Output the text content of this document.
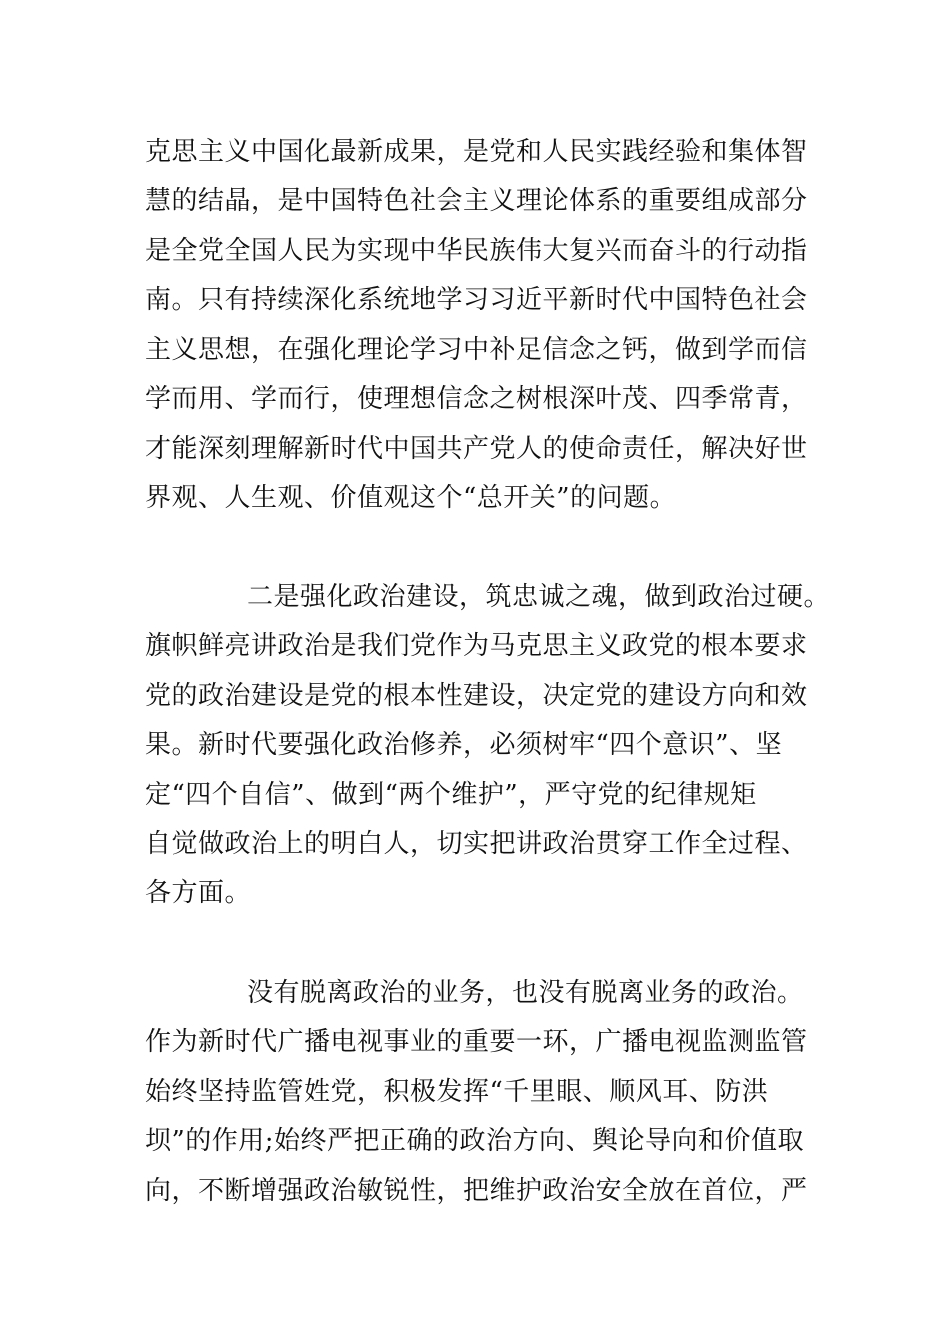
克思主义中国化最新成果，是党和人民实践经验和集体智
慧的结晶，是中国特色社会主义理论体系的重要组成部分
是全党全国人民为实现中华民族伟大复兴而奋斗的行动指
南。只有持续深化系统地学习习近平新时代中国特色社会
主义思想，在强化理论学习中补足信念之钙，做到学而信
学而用、学而行，使理想信念之树根深叶茂、四季常青，
才能深刻理解新时代中国共产党人的使命责任，解决好世
界观、人生观、价值观这个“总开关”的问题。
二是强化政治建设，筑忠诚之魂，做到政治过硬。
旗帜鲜亮讲政治是我们党作为马克思主义政党的根本要求
党的政治建设是党的根本性建设，决定党的建设方向和效
果。新时代要强化政治修养，必须树牢“四个意识”、坚
定“四个自信”、做到“两个维护”，严守党的纪律规矩
自觉做政治上的明白人，切实把讲政治贯穿工作全过程、
各方面。
没有脱离政治的业务，也没有脱离业务的政治。
作为新时代广播电视事业的重要一环，广播电视监测监管
始终坚持监管姓党，积极发挥“千里眼、顺风耳、防洪
坝”的作用;始终严把正确的政治方向、舆论导向和价值取
向，不断增强政治敏锐性，把维护政治安全放在首位，严
